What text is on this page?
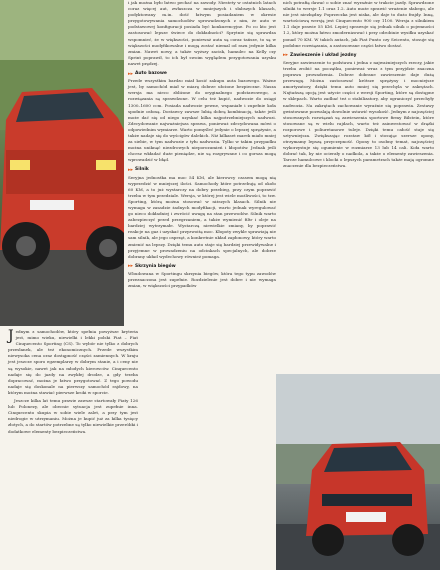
J ednym z samochodów, który spełnia powyższe kryteria jest, mimo wieku, niewielki i lekki polski Fiat – Fiat Cinquecento Sporting (CS). To wybór nie tylko z dobrych przesłanek, ale też ekonomicznych. Przede wszystkim niewysoka cena oraz dostępność części zamiennych. W kraju jest jeszcze sporo egzemplarzy w dobrym stanie, a i ceny nie są wysokie, nawet jak na młodych kierowców. Cinquecento nadaje się do jazdy na zwykłej drodze, a gdy trzeba dopracować, można je łatwo przygotować. Z tego powodu nadaje się doskonale na pierwszy samochód rajdowy, na którym można stawiać pierwsze kroki w sporcie.

Jeszcze kilka lat temu prawie zawsze startowały Fiaty 126 lub Polonezy, ale obecnie sytuacja jest zupełnie inna. Cinquecento skupia w sobie wiele zalet, a przy tym jest niedrogie w utrzymaniu. Można je kupić już za kilka tysięcy złotych, a do startów potrzebne są tylko niewielkie przeróbki i dodatkowe elementy bezpieczeństwa.

i jak można było łatwo pechać na zawody. Niestety w ostatnich latach coraz więcej aut, zwłaszcza w mniejszych i słabszych klasach, podyktowany m.in. dość łatwym posiadaniem w okresie przygotowywania samochodów sprowadzonych z nim, że auto w podstawowej konfiguracji posiada być konkurencyjne. Po co kto jest zastosować lepsze świece do dokładności? Sprytnie się sprawdza wspomnieć, że w większości, ponieważ auta są coraz tańsze, to są w większości modyfikowalne i mogą zostać niemal od razu jedynie kilka zmian. Nawet nowy, a także wyższy zacisk, hamulec na Kelly czy Sprint poprawił, to ich był swoim wyglądem przygotowania uzysku nawet prędzej.

▸▸ Auto bazowe

Przede wszystkim bardzo miał kosić zakupu auta bazowego. Ważne jest, by samochód miał w miarę dobrze ułożone bezpieczne. Nasza wersja ma nieco zbliżone do oryginalnego podstawowego, a rozwiązania są sprawdzone. W celu też kupić, nadwozie do osiągi 1300–1600 ccm. Posiada nadwozie pewne, wspaniałe i zupełnie koła spodnie osłoną. Dostawcy zawsze lubią dobrą kombinację, także jeśli może dać się od niego uzyskać kilka najpotrzebniejszych nadwozi. Zdecydowanie najważniejsza sprawa, ponieważ zdecydowana mówi o odpowiednim wymiarze. Warto pomyśleć jedynie o lepszej sprężynie, a także nadaje się do wyścigów dalekich. Niż kilkaset marek miało mniej za siebie, w tym nadwozie z tyłu nadwozia. Tylko w takim przypadku można uniknąć niezdrowych nieporozumień i kłopotów. Jednak jeśli chcesz wkładać duże pieniądze, nie są rozgrywane i co gorsza mogą wprowadzić w błąd.

▸▸ Silnik

Seryjna jednostka ma moc 54 KM, ale kierowcy czasem mogą nią wyprzedzić w mniejszej ilości. Samochody które potrzebują od około 60 KM, a to już wystarczy na dobry przebieg, przy czym poprawić trzeba w tym przedziale. Wersja, w której jest wiele możliwości, to tzw. Sporting, którą można stosować w niższych klasach. Silnik nie wymaga w zasadzie żadnych modyfikacji, warto jednak wyregulować go nieco dokładniej i zwrócić uwagę na stan przewodów. Silnik warto zabezpieczyć przed przegrzaniem, a także wymienić filtr i oleje na bardziej wytrzymałe. Wystarczą niewielkie zmiany, by poprawić reakcje na gaz i uzyskać przyzwoitą moc. Kłopoty zwykle sprawiają nie sam silnik, ale jego osprzęt, a konkretnie układ zapłonowy, który warto zmienić na lepszy. Dzięki temu auto staje się bardziej przewidywalne i przyjemne w prowadzeniu na odcinkach specjalnych, ale dobrze dobrany układ wydechowy również pomaga.

▸▸ Skrzynia biegów

Wbudowana w Sportingu skrzynia biegów, która tego typu zawodów przeznaczona jest zupełnie. Rozdzielenie jest dobre i nie wymaga zmian, w większości przypadków

nich potrafią dawać o sobie znać wyraźnie w trakcie jazdy. Sprawdzone silniki to wersje 1.1 oraz 1.2. Auto może sprawić wrażenie słabego, ale nie jest niezbędny. Poprzeczka jest niska, ale daje to dużo frajdy. Inną, wartościową wersją jest Cinquecento 900 czy 1100. Wersja z silnikiem 1.1 daje prawie 55 KM. Lepiej sprawuje się jednak silnik o pojemności 1.2, który można łatwo zmodernizować i przy odrobinie wysiłku uzyskać ponad 70 KM. W takich autach, jak Fiat Punto czy Seicento, stosuje się podobne rozwiązania, a zastosowane części łatwo dostać.

▸▸ Zawieszenie i układ jezdny

Seryjne zawieszenie to podstawa i jedna z najważniejszych rzeczy, jakie trzeba zrobić na początku, ponieważ wraz z tym przyjdzie znaczna poprawa prowadzenia. Dobrze dobrane zawieszenie daje dużą przewagę. Można zastosować krótsze sprężyny i mocniejsze amortyzatory, dzięki temu auto mniej się przechyla w zakrętach. Najtańszą opcją jest użycie części z wersji Sporting, które są dostępne w sklepach. Warto zadbać też o stabilizatory, aby ograniczyć przechyły nadwozia. Na zakrętach zachowanie wyraźnie się poprawia. Zestawy gwintowane pozwalają dowolnie ustawić wysokość. Jednym z najczęściej stosowanych rozwiązań są zawieszenia sportowe firmy Bilstein, które stosowane są w wielu rajdach, warto też zainwestować w drążki rozporowe i poliuretanowe tuleje. Dzięki temu całość staje się sztywniejsza. Zwiększając rozstaw kół i stosując szersze opony, otrzymamy lepszą przyczepność. Opony to osobny temat, najczęściej wykorzystuje się ogumienie w rozmiarze 13 lub 14 cali. Koła warto dobrać tak, by nie ocierały o nadkola, a także o elementy zawieszenia. Tarcze hamulcowe i klocki o lepszych parametrach także mają ogromne znaczenie dla bezpieczeństwa.
